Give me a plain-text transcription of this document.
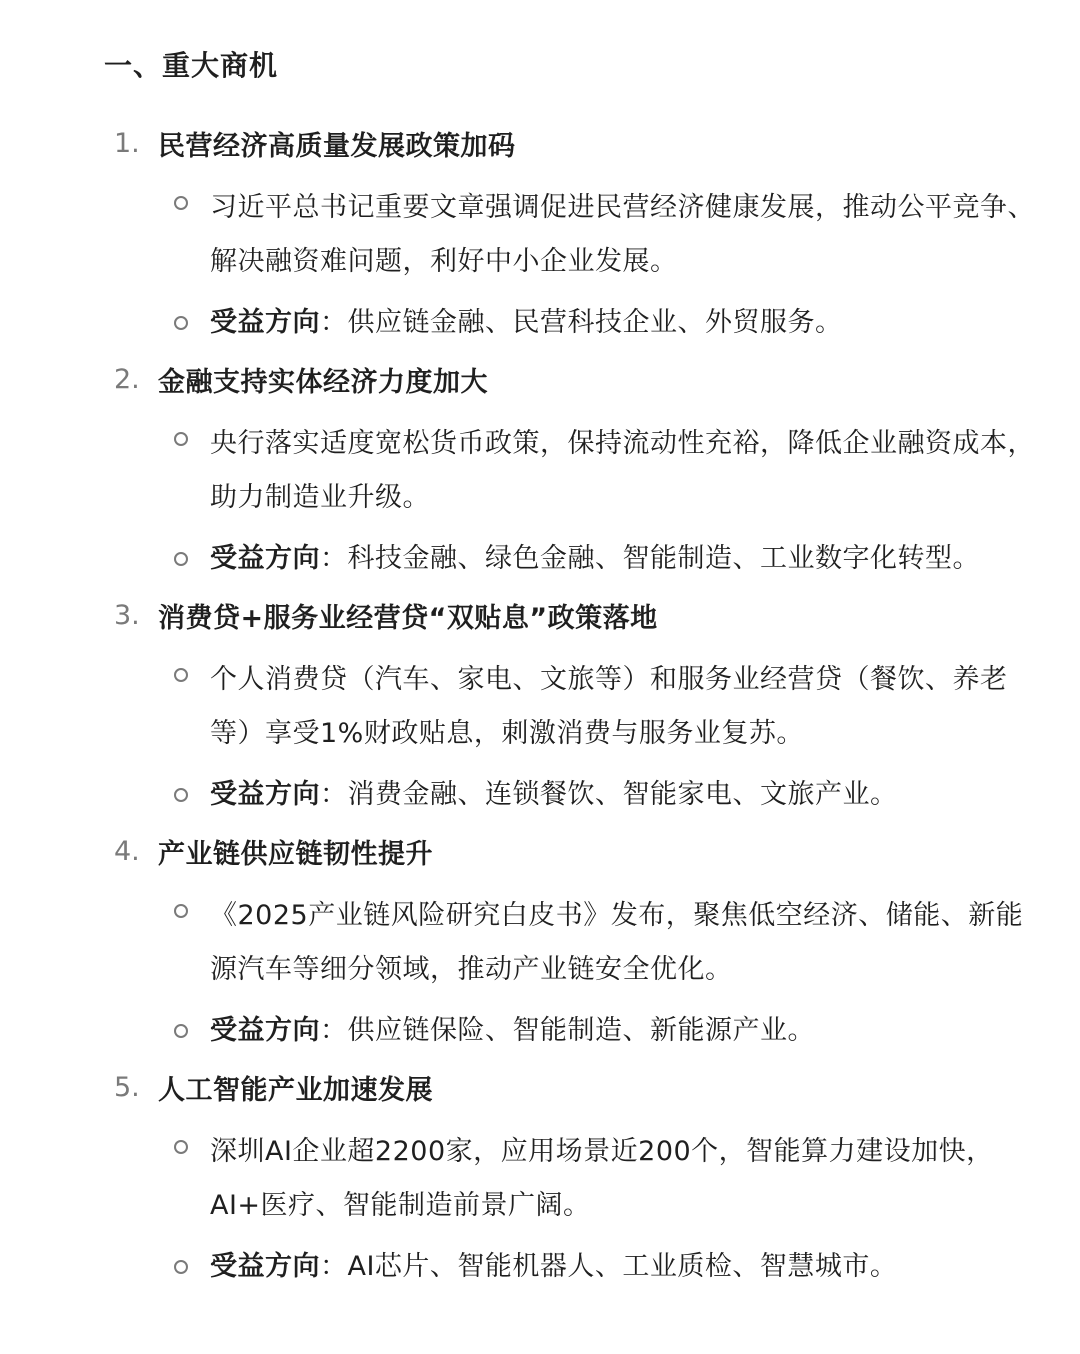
一、重大商机
1. 民营经济高质量发展政策加码
习近平总书记重要文章强调促进民营经济健康发展，推动公平竞争、解决融资难问题，利好中小企业发展。
受益方向：供应链金融、民营科技企业、外贸服务。
2. 金融支持实体经济力度加大
央行落实适度宽松货币政策，保持流动性充裕，降低企业融资成本，助力制造业升级。
受益方向：科技金融、绿色金融、智能制造、工业数字化转型。
3. 消费贷+服务业经营贷“双贴息”政策落地
个人消费贷（汽车、家电、文旅等）和服务业经营贷（餐饮、养老等）享受1%财政贴息，刺激消费与服务业复苏。
受益方向：消费金融、连锁餐饮、智能家电、文旅产业。
4. 产业链供应链韧性提升
《2025产业链风险研究白皮书》发布，聚焦低空经济、储能、新能源汽车等细分领域，推动产业链安全优化。
受益方向：供应链保险、智能制造、新能源产业。
5. 人工智能产业加速发展
深圳AI企业超2200家，应用场景近200个，智能算力建设加快，AI+医疗、智能制造前景广阔。
受益方向：AI芯片、智能机器人、工业质检、智慧城市。
